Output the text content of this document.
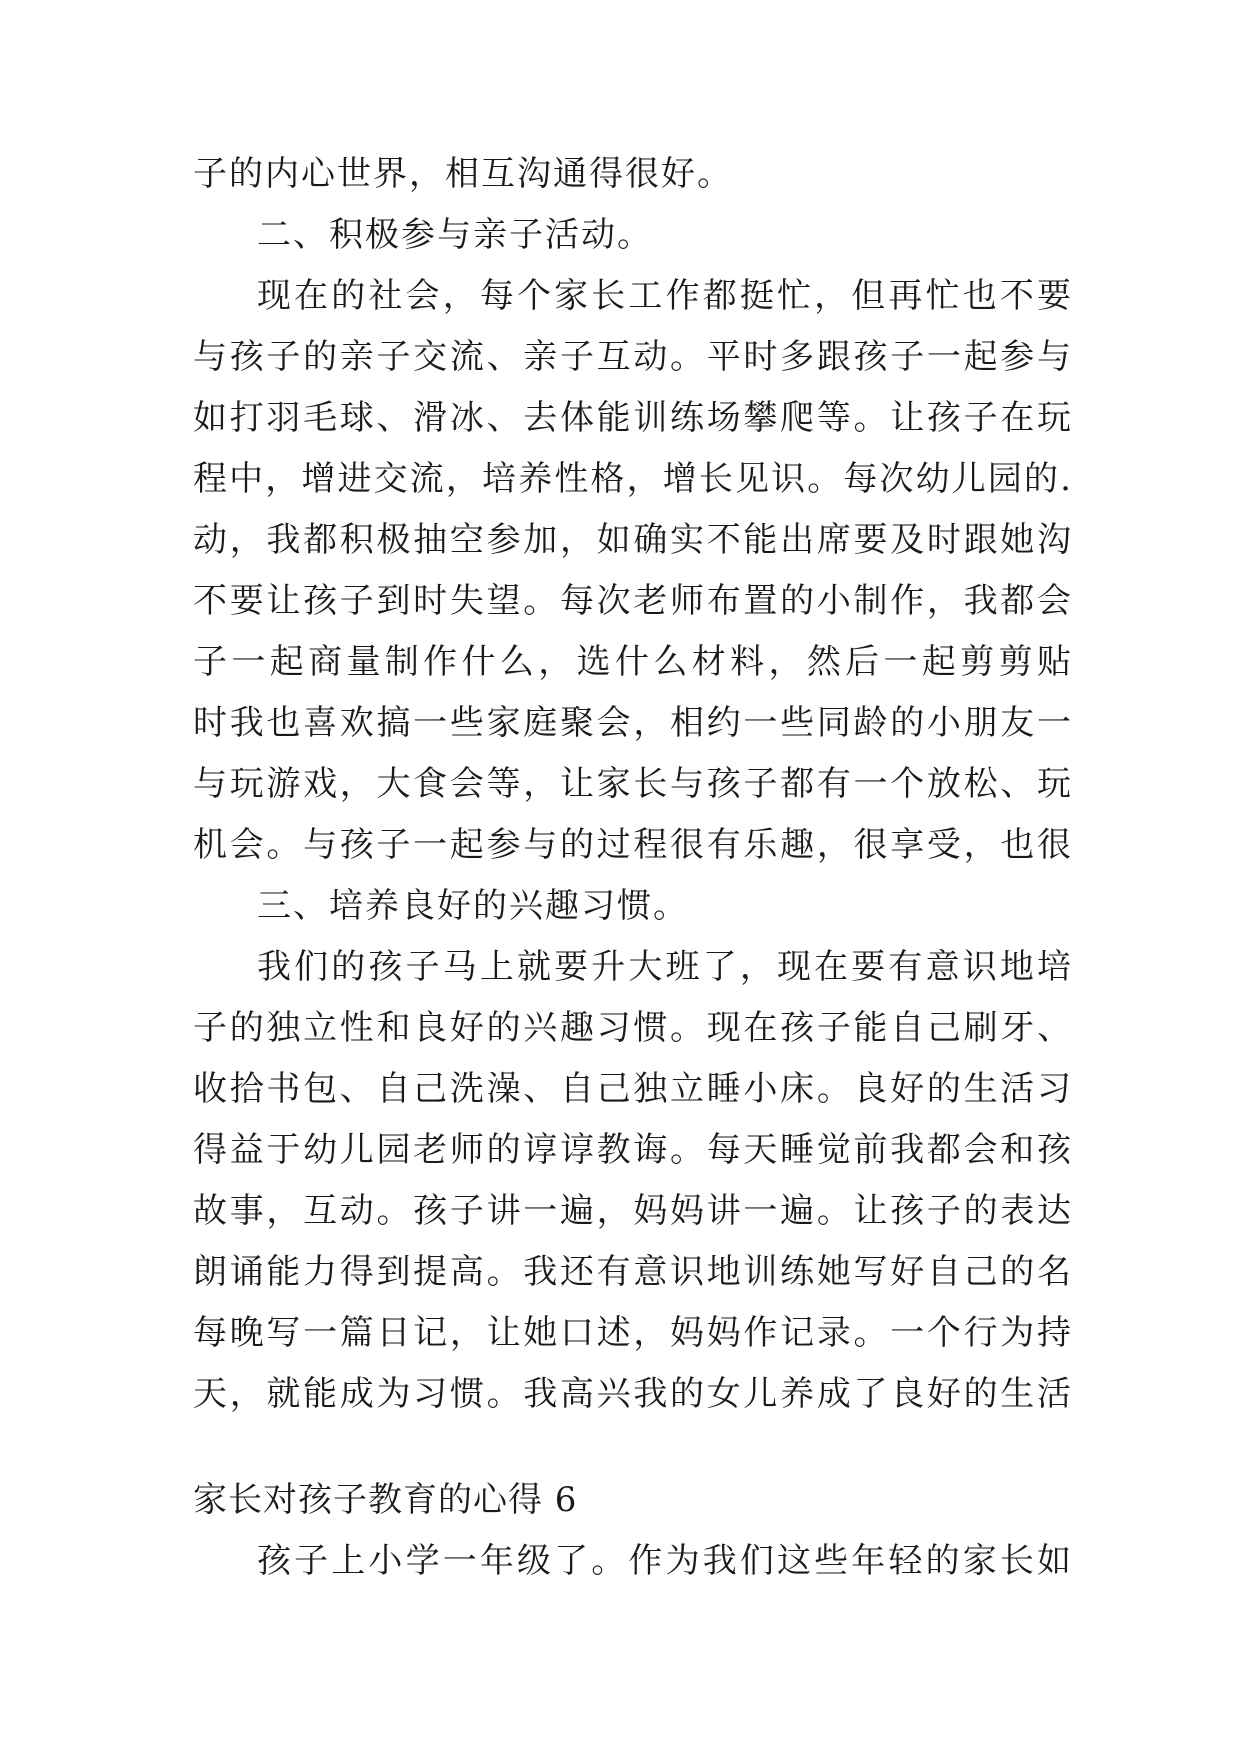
子的内心世界，相互沟通得很好。
二、积极参与亲子活动。
现在的社会，每个家长工作都挺忙，但再忙也不要
与孩子的亲子交流、亲子互动。平时多跟孩子一起参与
如打羽毛球、滑冰、去体能训练场攀爬等。让孩子在玩
程中，增进交流，培养性格，增长见识。每次幼儿园的.
动，我都积极抽空参加，如确实不能出席要及时跟她沟
不要让孩子到时失望。每次老师布置的小制作，我都会
子一起商量制作什么，选什么材料，然后一起剪剪贴
时我也喜欢搞一些家庭聚会，相约一些同龄的小朋友一
与玩游戏，大食会等，让家长与孩子都有一个放松、玩
机会。与孩子一起参与的过程很有乐趣，很享受，也很
三、培养良好的兴趣习惯。
我们的孩子马上就要升大班了，现在要有意识地培
子的独立性和良好的兴趣习惯。现在孩子能自己刷牙、
收拾书包、自己洗澡、自己独立睡小床。良好的生活习
得益于幼儿园老师的谆谆教诲。每天睡觉前我都会和孩
故事，互动。孩子讲一遍，妈妈讲一遍。让孩子的表达
朗诵能力得到提高。我还有意识地训练她写好自己的名
每晚写一篇日记，让她口述，妈妈作记录。一个行为持
天，就能成为习惯。我高兴我的女儿养成了良好的生活
家长对孩子教育的心得 6
孩子上小学一年级了。作为我们这些年轻的家长如
